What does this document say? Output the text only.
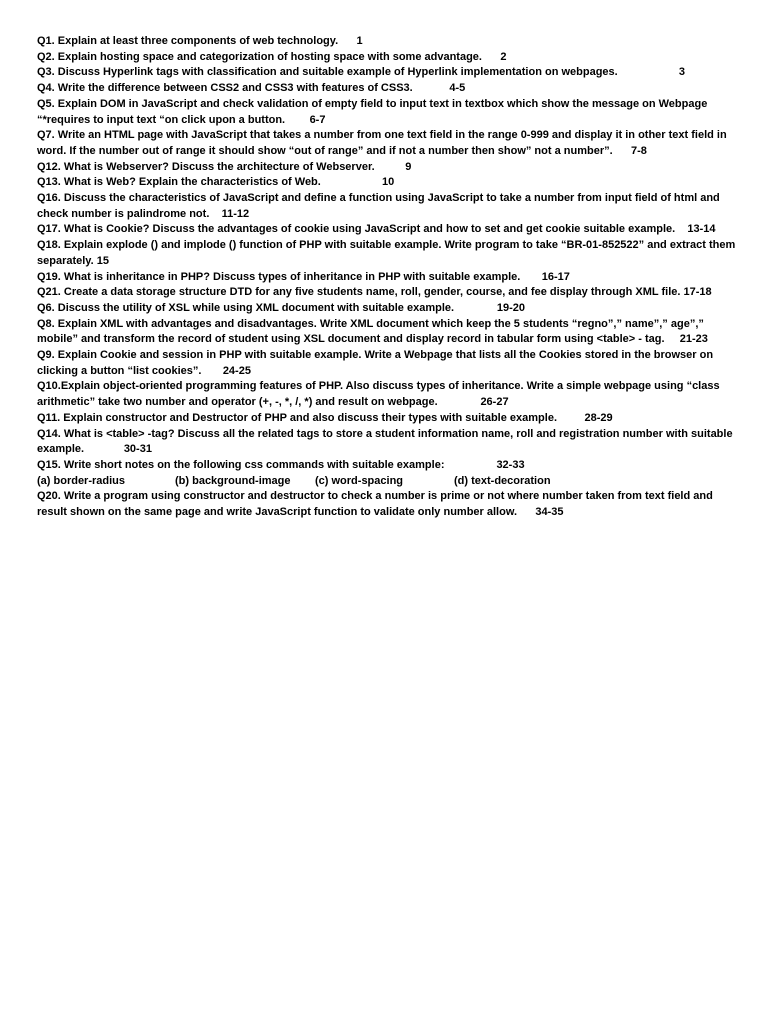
Q1. Explain at least three components of web technology.      1

Q2. Explain hosting space and categorization of hosting space with some advantage.      2

Q3. Discuss Hyperlink tags with classification and suitable example of Hyperlink implementation on webpages.                    3

Q4. Write the difference between CSS2 and CSS3 with features of CSS3.            4-5

Q5. Explain DOM in JavaScript and check validation of empty field to input text in textbox which show the message on Webpage “*requires to input text “on click upon a button.        6-7

Q7. Write an HTML page with JavaScript that takes a number from one text field in the range 0-999 and display it in other text field in word. If the number out of range it should show “out of range” and if not a number then show” not a number”.      7-8

Q12. What is Webserver? Discuss the architecture of Webserver.          9

Q13. What is Web? Explain the characteristics of Web.                    10

Q16. Discuss the characteristics of JavaScript and define a function using JavaScript to take a number from input field of html and check number is palindrome not.    11-12

Q17. What is Cookie? Discuss the advantages of cookie using JavaScript and how to set and get cookie suitable example.    13-14

Q18. Explain explode () and implode () function of PHP with suitable example. Write program to take “BR-01-852522” and extract them separately. 15

Q19. What is inheritance in PHP? Discuss types of inheritance in PHP with suitable example.       16-17

Q21. Create a data storage structure DTD for any five students name, roll, gender, course, and fee display through XML file. 17-18

Q6. Discuss the utility of XSL while using XML document with suitable example.              19-20

Q8. Explain XML with advantages and disadvantages. Write XML document which keep the 5 students “regno”,” name”,” age”,” mobile” and transform the record of student using XSL document and display record in tabular form using <table> - tag.     21-23

Q9. Explain Cookie and session in PHP with suitable example. Write a Webpage that lists all the Cookies stored in the browser on clicking a button “list cookies”.       24-25

Q10.Explain object-oriented programming features of PHP. Also discuss types of inheritance. Write a simple webpage using “class arithmetic” take two number and operator (+, -, *, /, *) and result on webpage.              26-27

Q11. Explain constructor and Destructor of PHP and also discuss their types with suitable example.         28-29

Q14. What is <table> -tag? Discuss all the related tags to store a student information name, roll and registration number with suitable example.             30-31

Q15. Write short notes on the following css commands with suitable example:                 32-33

(a) border-radius	(b) background-image (c) word-spacing	(d) text-decoration

Q20. Write a program using constructor and destructor to check a number is prime or not where number taken from text field and result shown on the same page and write JavaScript function to validate only number allow.      34-35
